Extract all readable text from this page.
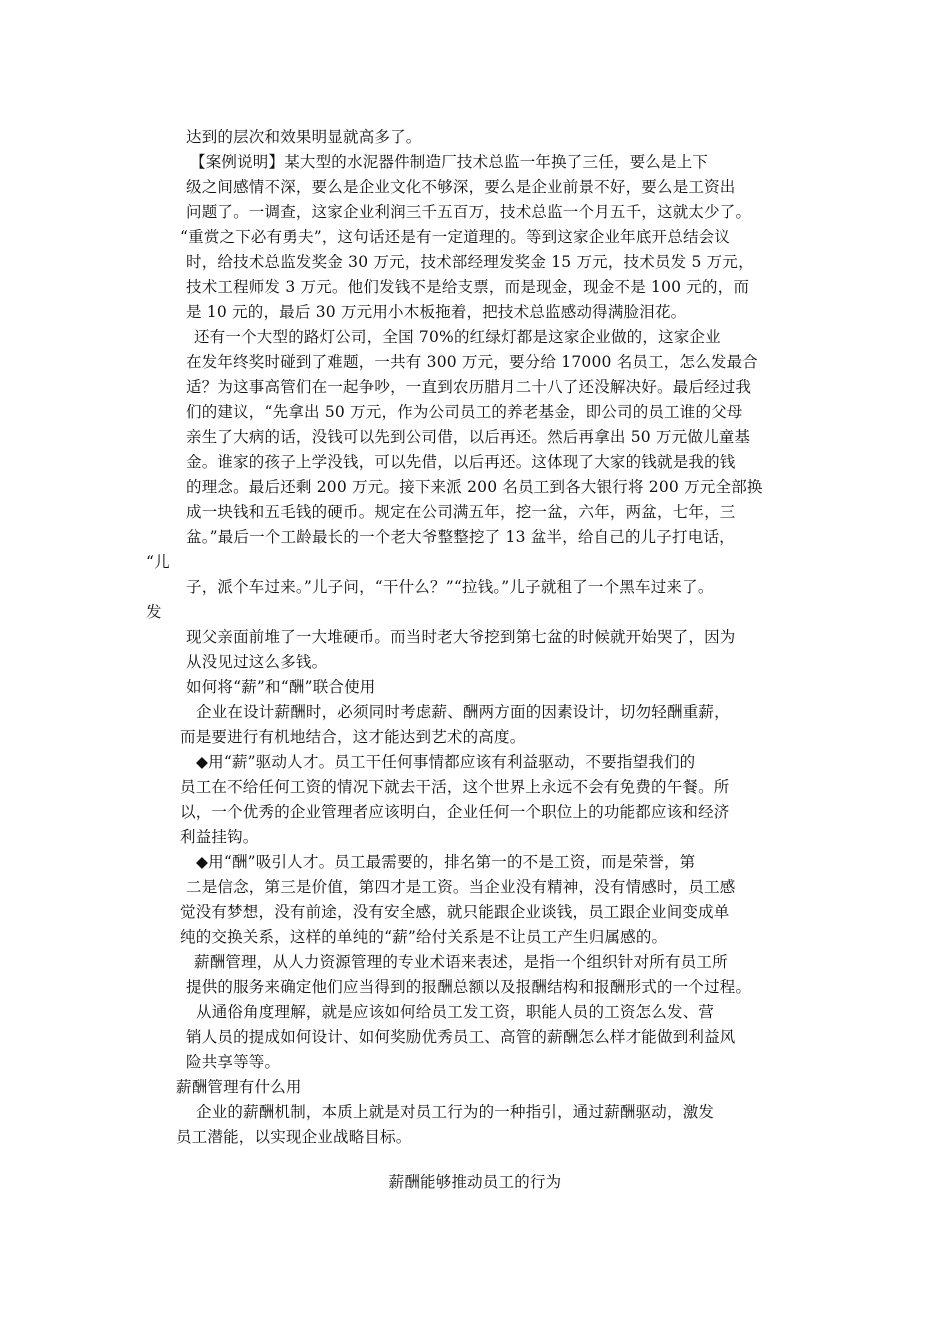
达到的层次和效果明显就高多了。
【案例说明】某大型的水泥器件制造厂技术总监一年换了三任，要么是上下
级之间感情不深，要么是企业文化不够深，要么是企业前景不好，要么是工资出
问题了。一调查，这家企业利润三千五百万，技术总监一个月五千，这就太少了。
“重赏之下必有勇夫”，这句话还是有一定道理的。等到这家企业年底开总结会议
时，给技术总监发奖金 30 万元，技术部经理发奖金 15 万元，技术员发 5 万元，
技术工程师发 3 万元。他们发钱不是给支票，而是现金，现金不是 100 元的，而
是 10 元的，最后 30 万元用小木板拖着，把技术总监感动得满脸泪花。
还有一个大型的路灯公司，全国 70%的红绿灯都是这家企业做的，这家企业
在发年终奖时碰到了难题，一共有 300 万元，要分给 17000 名员工，怎么发最合
适？为这事高管们在一起争吵，一直到农历腊月二十八了还没解决好。最后经过我
们的建议，“先拿出 50 万元，作为公司员工的养老基金，即公司的员工谁的父母
亲生了大病的话，没钱可以先到公司借，以后再还。然后再拿出 50 万元做儿童基
金。谁家的孩子上学没钱，可以先借，以后再还。这体现了大家的钱就是我的钱
的理念。最后还剩 200 万元。接下来派 200 名员工到各大银行将 200 万元全部换
成一块钱和五毛钱的硬币。规定在公司满五年，挖一盆，六年，两盆，七年，三
盆。”最后一个工龄最长的一个老大爷整整挖了 13 盆半，给自己的儿子打电话，
“儿
子，派个车过来。”儿子问，“干什么？”“拉钱。”儿子就租了一个黑车过来了。
发
现父亲面前堆了一大堆硬币。而当时老大爷挖到第七盆的时候就开始哭了，因为
从没见过这么多钱。
如何将“薪”和“酬”联合使用
企业在设计薪酬时，必须同时考虑薪、酬两方面的因素设计，切勿轻酬重薪，
而是要进行有机地结合，这才能达到艺术的高度。
◆用“薪”驱动人才。员工干任何事情都应该有利益驱动，不要指望我们的
员工在不给任何工资的情况下就去干活，这个世界上永远不会有免费的午餐。所
以，一个优秀的企业管理者应该明白，企业任何一个职位上的功能都应该和经济
利益挂钩。
◆用“酬”吸引人才。员工最需要的，排名第一的不是工资，而是荣誉，第
二是信念，第三是价值，第四才是工资。当企业没有精神，没有情感时，员工感
觉没有梦想，没有前途，没有安全感，就只能跟企业谈钱，员工跟企业间变成单
纯的交换关系，这样的单纯的“薪”给付关系是不让员工产生归属感的。
薪酬管理，从人力资源管理的专业术语来表述，是指一个组织针对所有员工所
提供的服务来确定他们应当得到的报酬总额以及报酬结构和报酬形式的一个过程。
从通俗角度理解，就是应该如何给员工发工资，职能人员的工资怎么发、营
销人员的提成如何设计、如何奖励优秀员工、高管的薪酬怎么样才能做到利益风
险共享等等。
薪酬管理有什么用
企业的薪酬机制，本质上就是对员工行为的一种指引，通过薪酬驱动，激发
员工潜能，以实现企业战略目标。
薪酬能够推动员工的行为
